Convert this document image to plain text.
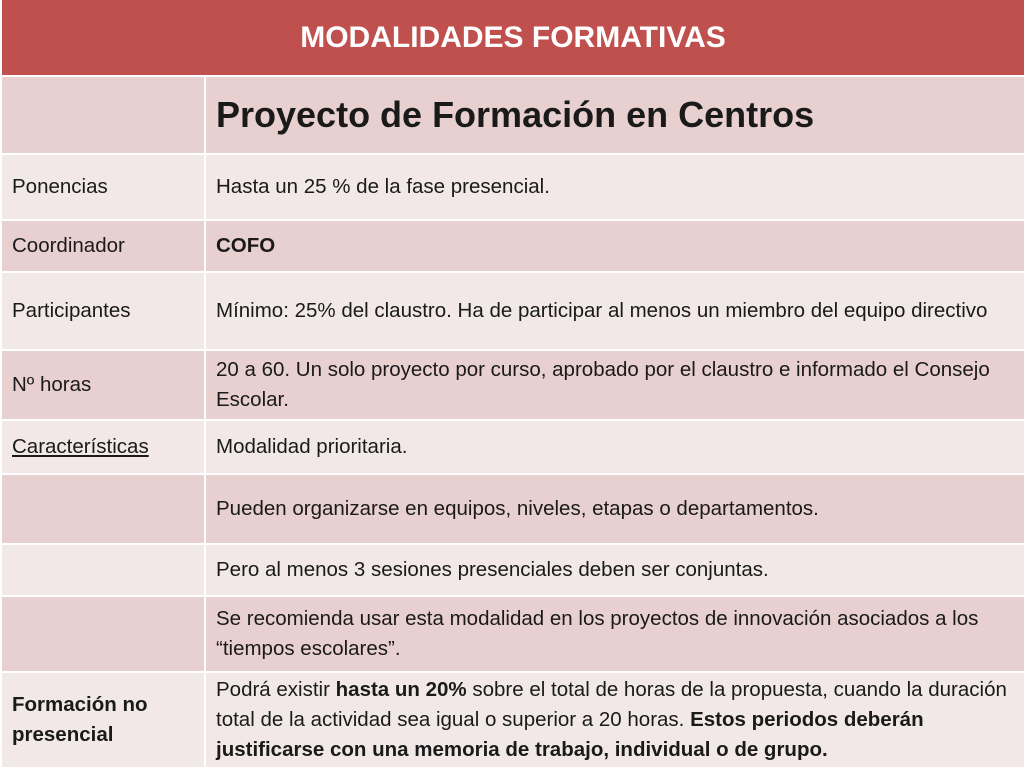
MODALIDADES FORMATIVAS	
	Proyecto de Formación en Centros
Ponencias	Hasta un 25 % de la fase presencial.
Coordinador	COFO
Participantes	Mínimo: 25% del claustro. Ha de participar al menos un miembro del equipo directivo
Nº horas	20 a 60. Un solo proyecto por curso, aprobado por el claustro e informado el Consejo Escolar.
Características	Modalidad prioritaria.
	Pueden organizarse en equipos, niveles, etapas o departamentos.
	Pero al menos 3 sesiones presenciales deben ser conjuntas.
	Se recomienda usar esta modalidad en los proyectos de innovación asociados a los “tiempos escolares”.
Formación no presencial	Podrá existir hasta un 20% sobre el total de horas de la propuesta, cuando la duración total de la actividad sea igual o superior a 20 horas. Estos periodos deberán justificarse con una memoria de trabajo, individual o de grupo.
